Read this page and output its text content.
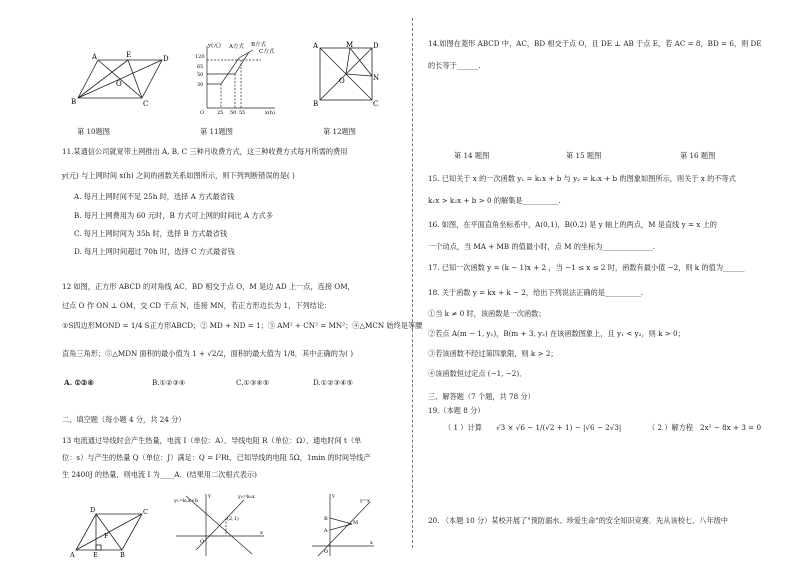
A
B	C
D
E
O
y(元) A方式 B方式
C方式
120
65
50
30
25 50 55	x(h)
O
A
B	C
D
M
N
O
第 10题图	第 11题图	第 12题图
11.某通信公司就宽带上网推出 A, B, C 三种月收费方式，这三种收费方式每月所需的费用
y(元) 与上网时间 x(h) 之间的函数关系如图所示，则下列判断错误的是( )
A. 每月上网时间不足 25h 时，选择 A 方式最省钱
B. 每月上网费用为 60 元时，B 方式可上网的时间比 A 方式多
C. 每月上网时间为 35h 时，选择 B 方式最省钱
D. 每月上网时间超过 70h 时，选择 C 方式最省钱
12 如图，正方形 ABCD 的对角线 AC，BD 相交于点 O，M 是边 AD 上一点，连接 OM，
过点 O 作 ON ⊥ OM，交 CD 于点 N，连接 MN，若正方形边长为 1，下列结论：
①S四边形MOND = 1/4 S正方形ABCD；② MD + ND = 1；③ AM² + CN² = MN²；④△MCN 始终是等腰
直角三角形；⑤△MDN 面积的最小值为 1 + √2/2，面积的最大值为 1/8．其中正确的为( )
A. ①②④	B.①②③④	C.①③④⑤	D.①②③④⑤
二、填空题（每小题 4 分，共 24 分）
13 电流通过导线时会产生热量，电流 I（单位：A）、导线电阻 R（单位：Ω）、通电时间 t（单
位：s）与产生的热量 Q（单位：J）满足：Q = I²Rt．已知导线的电阻 5Ω，1min 的时间导线产
生 2400J 的热量，则电流 I 为____A．(结果用二次根式表示)
D	C
A	E	B
F
y₁=k₁x+b
y₂=k₂x
(2,1)
O
x
y
y=x
B
A
M
O
x
y
14.如图在菱形 ABCD 中，AC，BD 相交于点 O，且 DE ⊥ AB 于点 E，若 AC = 8，BD = 6，则 DE
的长等于______.
第 14 题图	第 15 题图	第 16 题图
15. 已知关于 x 的一次函数 y₁ = k₁x + b 与 y₂ = k₂x + b 的图象如图所示，则关于 x 的不等式
k₁x > k₂x + b > 0 的解集是__________.
16. 如图，在平面直角坐标系中，A(0,1)，B(0,2) 是 y 轴上的两点，M 是直线 y = x 上的
一个动点，当 MA + MB 的值最小时，点 M 的坐标为______________.
17. 已知一次函数 y = (k − 1)x + 2 ，当 −1 ≤ x ≤ 2 时，函数有最小值 −2，则 k 的值为______
18. 关于函数 y = kx + k − 2，给出下列说法正确的是__________.
①当 k ≠ 0 时，该函数是一次函数；
②若点 A(m − 1, y₁)，B(m + 3, y₂) 在该函数图象上，且 y₁ < y₂，则 k > 0；
③若该函数不经过第四象限，则 k > 2；
④该函数恒过定点 (−1, −2)．
三、解答题（7 个题，共 78 分）
19.（本题 8 分）
（ 1 ）计算 √3 × √6 − 1/(√2 + 1) − |√6 − 2√3|	（ 2 ）解方程 2x² − 8x + 3 = 0
20. （本题 10 分）某校开展了"预防溺水、珍爱生命"的安全知识竞赛．先从该校七、八年级中
